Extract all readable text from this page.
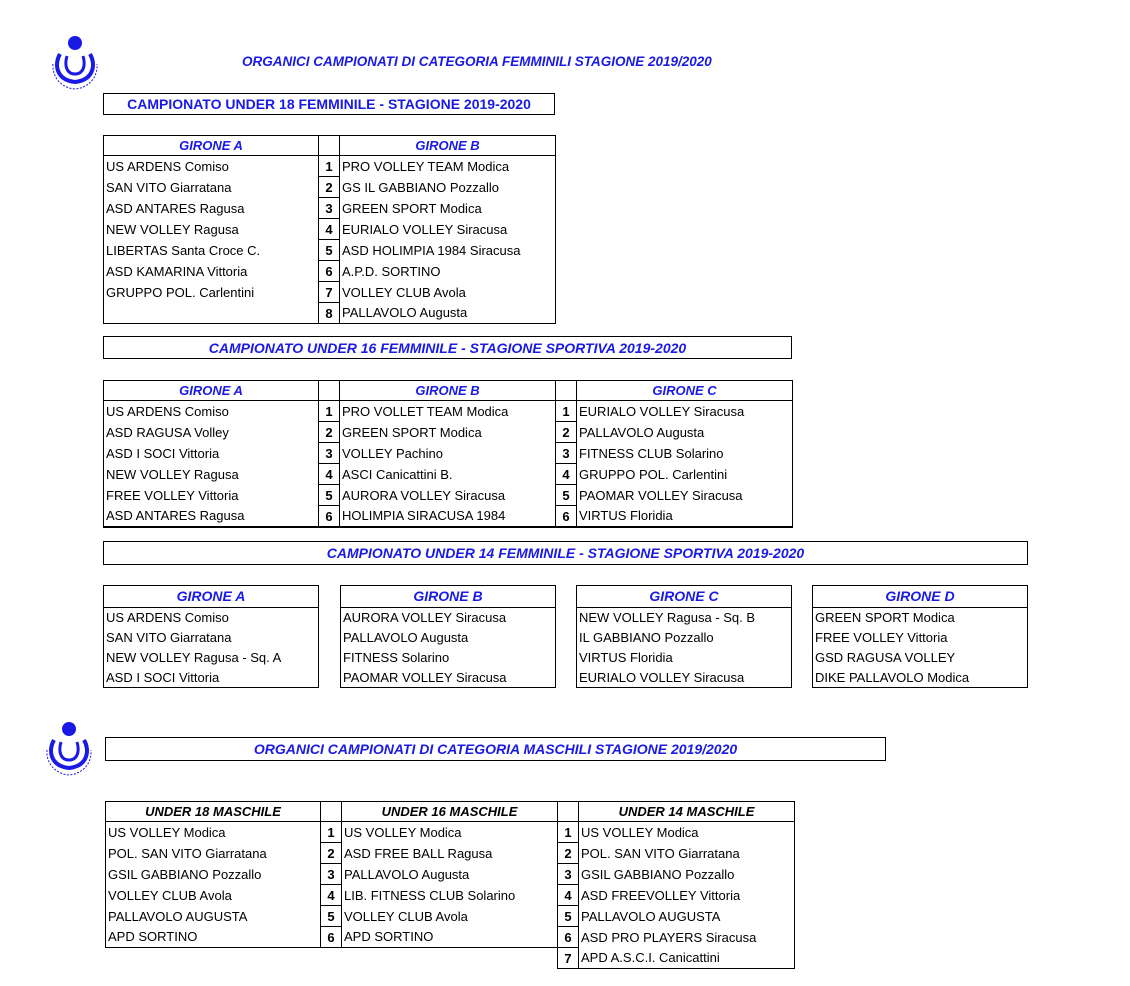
ORGANICI CAMPIONATI DI CATEGORIA FEMMINILI STAGIONE 2019/2020
CAMPIONATO UNDER 18 FEMMINILE - STAGIONE 2019-2020
GIRONE A		GIRONE B
US ARDENS Comiso	1	PRO VOLLEY TEAM Modica
SAN VITO Giarratana	2	GS IL GABBIANO Pozzallo
ASD ANTARES Ragusa	3	GREEN SPORT Modica
NEW VOLLEY Ragusa	4	EURIALO VOLLEY Siracusa
LIBERTAS Santa Croce C.	5	ASD HOLIMPIA 1984 Siracusa
ASD KAMARINA Vittoria	6	A.P.D. SORTINO
GRUPPO POL. Carlentini	7	VOLLEY CLUB Avola
	8	PALLAVOLO Augusta
CAMPIONATO UNDER 16 FEMMINILE - STAGIONE SPORTIVA 2019-2020
GIRONE A		GIRONE B		GIRONE C
US ARDENS Comiso	1	PRO VOLLET TEAM Modica	1	EURIALO VOLLEY Siracusa
ASD RAGUSA Volley	2	GREEN SPORT Modica	2	PALLAVOLO Augusta
ASD I SOCI Vittoria	3	VOLLEY Pachino	3	FITNESS CLUB Solarino
NEW VOLLEY Ragusa	4	ASCI Canicattini B.	4	GRUPPO POL. Carlentini
FREE VOLLEY Vittoria	5	AURORA VOLLEY Siracusa	5	PAOMAR VOLLEY Siracusa
ASD ANTARES Ragusa	6	HOLIMPIA SIRACUSA 1984	6	VIRTUS Floridia
CAMPIONATO UNDER 14 FEMMINILE - STAGIONE SPORTIVA 2019-2020
GIRONE A
US ARDENS Comiso
SAN VITO Giarratana
NEW VOLLEY Ragusa - Sq. A
ASD I SOCI Vittoria
GIRONE B
AURORA VOLLEY Siracusa
PALLAVOLO Augusta
FITNESS Solarino
PAOMAR VOLLEY Siracusa
GIRONE C
NEW VOLLEY Ragusa - Sq. B
IL GABBIANO Pozzallo
VIRTUS Floridia
EURIALO VOLLEY Siracusa
GIRONE D
GREEN SPORT Modica
FREE VOLLEY Vittoria
GSD RAGUSA VOLLEY
DIKE PALLAVOLO Modica
ORGANICI CAMPIONATI DI CATEGORIA MASCHILI STAGIONE 2019/2020
UNDER 18 MASCHILE		UNDER 16 MASCHILE		UNDER 14 MASCHILE
US VOLLEY Modica	1	US VOLLEY Modica	1	US VOLLEY Modica
POL. SAN VITO Giarratana	2	ASD FREE BALL Ragusa	2	POL. SAN VITO Giarratana
GSIL GABBIANO Pozzallo	3	PALLAVOLO Augusta	3	GSIL GABBIANO Pozzallo
VOLLEY CLUB Avola	4	LIB. FITNESS CLUB Solarino	4	ASD FREEVOLLEY Vittoria
PALLAVOLO AUGUSTA	5	VOLLEY CLUB Avola	5	PALLAVOLO AUGUSTA
APD SORTINO	6	APD SORTINO	6	ASD PRO PLAYERS Siracusa
			7	APD A.S.C.I. Canicattini
